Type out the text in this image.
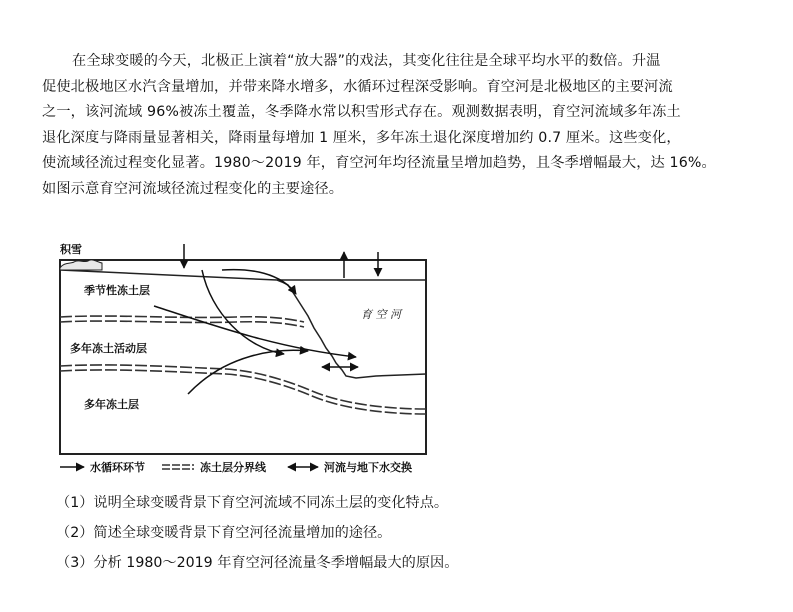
在全球变暖的今天，北极正上演着“放大器”的戏法，其变化往往是全球平均水平的数倍。升温
促使北极地区水汽含量增加，并带来降水增多，水循环过程深受影响。育空河是北极地区的主要河流
之一，该河流域 96%被冻土覆盖，冬季降水常以积雪形式存在。观测数据表明，育空河流域多年冻土
退化深度与降雨量显著相关，降雨量每增加 1 厘米，多年冻土退化深度增加约 0.7 厘米。这些变化，
使流域径流过程变化显著。1980～2019 年，育空河年均径流量呈增加趋势，且冬季增幅最大，达 16%。
如图示意育空河流域径流过程变化的主要途径。
积雪
季节性冻土层
多年冻土活动层
多年冻土层
育 空 河
水循环环节	冻土层分界线	河流与地下水交换
（1）说明全球变暖背景下育空河流域不同冻土层的变化特点。
（2）简述全球变暖背景下育空河径流量增加的途径。
（3）分析 1980～2019 年育空河径流量冬季增幅最大的原因。
